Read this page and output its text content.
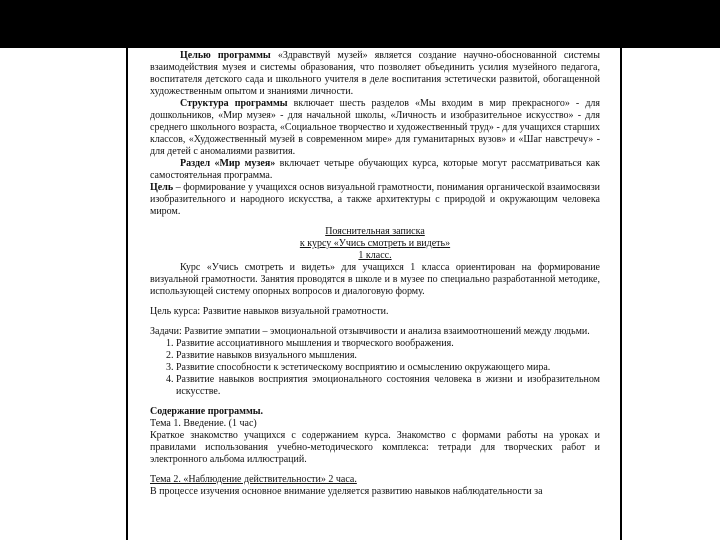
Целью программы «Здравствуй музей» является создание научно-обоснованной системы взаимодействия музея и системы образования, что позволяет объединить усилия музейного педагога, воспитателя детского сада и школьного учителя в деле воспитания эстетически развитой, обогащенной художественным опытом и знаниями личности.

Структура программы включает шесть разделов «Мы входим в мир прекрасного» - для дошкольников, «Мир музея» - для начальной школы, «Личность и изобразительное искусство» - для среднего школьного возраста, «Социальное творчество и художественный труд» - для учащихся старших классов, «Художественный музей в современном мире» для гуманитарных вузов» и «Шаг навстречу» - для детей с аномалиями развития.

Раздел «Мир музея» включает четыре обучающих курса, которые могут рассматриваться как самостоятельная программа.

Цель – формирование у учащихся основ визуальной грамотности, понимания органической взаимосвязи изобразительного и народного искусства, а также архитектуры с природой и окружающим человека миром.

Пояснительная записка

к курсу «Учись смотреть и видеть»

1 класс.

Курс «Учись смотреть и видеть» для учащихся 1 класса ориентирован на формирование визуальной грамотности. Занятия проводятся в школе и в музее по специально разработанной методике, использующей систему опорных вопросов и диалоговую форму.

Цель курса: Развитие навыков визуальной грамотности.

Задачи: Развитие эмпатии – эмоциональной отзывчивости и анализа взаимоотношений между людьми.

1. Развитие ассоциативного мышления и творческого воображения.
2. Развитие навыков визуального мышления.
3. Развитие способности к эстетическому восприятию и осмыслению окружающего мира.
4. Развитие навыков восприятия эмоционального состояния человека в жизни и изобразительном искусстве.

Содержание программы.

Тема 1. Введение. (1 час)

Краткое знакомство учащихся с содержанием курса. Знакомство с формами работы на уроках и правилами использования учебно-методического комплекса: тетради для творческих работ и электронного альбома иллюстраций.

Тема 2. «Наблюдение действительности» 2 часа.

В процессе изучения основное внимание уделяется развитию навыков наблюдательности за
